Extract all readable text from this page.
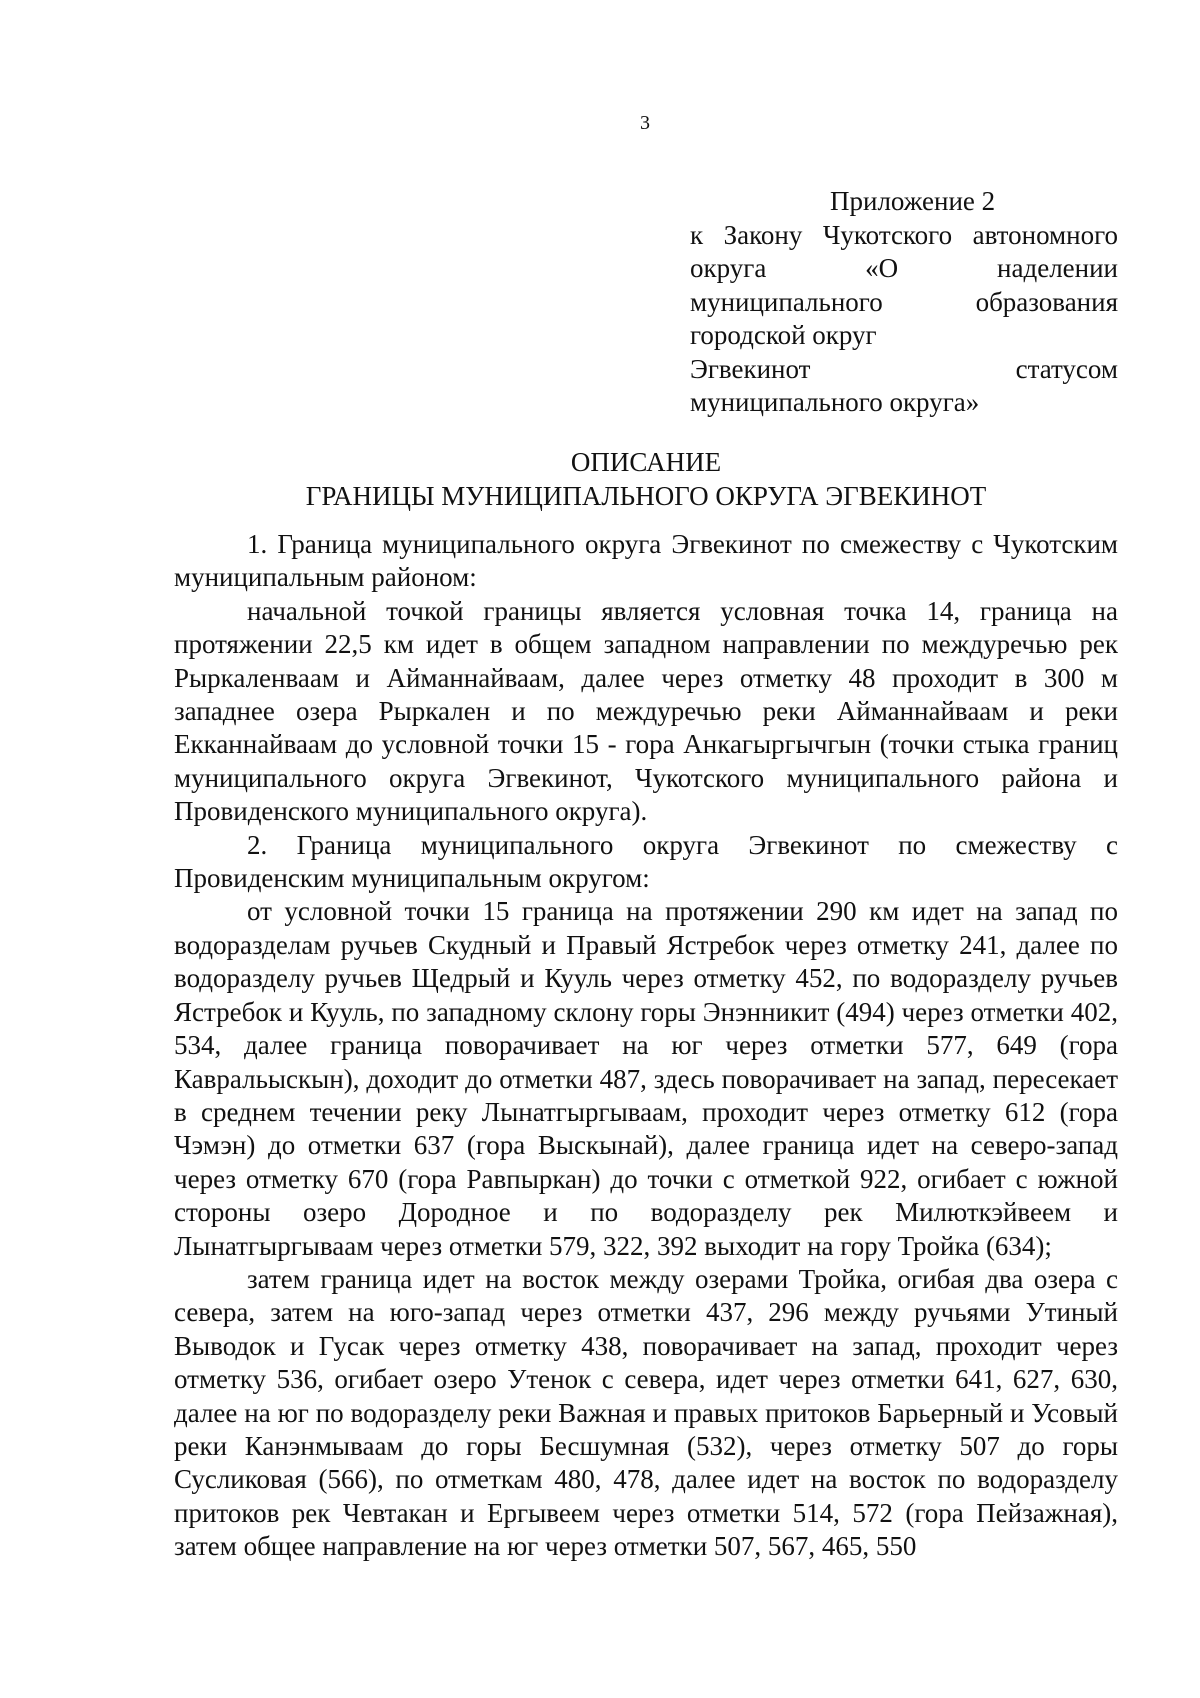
3
Приложение 2
к Закону Чукотского автономного
округа «О наделении
муниципального образования
городской округ
Эгвекинот статусом
муниципального округа»
ОПИСАНИЕ
ГРАНИЦЫ МУНИЦИПАЛЬНОГО ОКРУГА ЭГВЕКИНОТ

1. Граница муниципального округа Эгвекинот по смежеству с Чукотским муниципальным районом:

начальной точкой границы является условная точка 14, граница на протяжении 22,5 км идет в общем западном направлении по междуречью рек Рыркаленваам и Айманнайваам, далее через отметку 48 проходит в 300 м западнее озера Рыркален и по междуречью реки Айманнайваам и реки Екканнайваам до условной точки 15 - гора Анкагыргычгын (точки стыка границ муниципального округа Эгвекинот, Чукотского муниципального района и Провиденского муниципального округа).

2. Граница муниципального округа Эгвекинот по смежеству с Провиденским муниципальным округом:

от условной точки 15 граница на протяжении 290 км идет на запад по водоразделам ручьев Скудный и Правый Ястребок через отметку 241, далее по водоразделу ручьев Щедрый и Кууль через отметку 452, по водоразделу ручьев Ястребок и Кууль, по западному склону горы Энэнникит (494) через отметки 402, 534, далее граница поворачивает на юг через отметки 577, 649 (гора Кавральыскын), доходит до отметки 487, здесь поворачивает на запад, пересекает в среднем течении реку Лынатгыргываам, проходит через отметку 612 (гора Чэмэн) до отметки 637 (гора Выскынай), далее граница идет на северо-запад через отметку 670 (гора Равпыркан) до точки с отметкой 922, огибает с южной стороны озеро Дородное и по водоразделу рек Милюткэйвеем и Лынатгыргываам через отметки 579, 322, 392 выходит на гору Тройка (634);

затем граница идет на восток между озерами Тройка, огибая два озера с севера, затем на юго-запад через отметки 437, 296 между ручьями Утиный Выводок и Гусак через отметку 438, поворачивает на запад, проходит через отметку 536, огибает озеро Утенок с севера, идет через отметки 641, 627, 630, далее на юг по водоразделу реки Важная и правых притоков Барьерный и Усовый реки Канэнмываам до горы Бесшумная (532), через отметку 507 до горы Сусликовая (566), по отметкам 480, 478, далее идет на восток по водоразделу притоков рек Чевтакан и Ергывеем через отметки 514, 572 (гора Пейзажная), затем общее направление на юг через отметки 507, 567, 465, 550
